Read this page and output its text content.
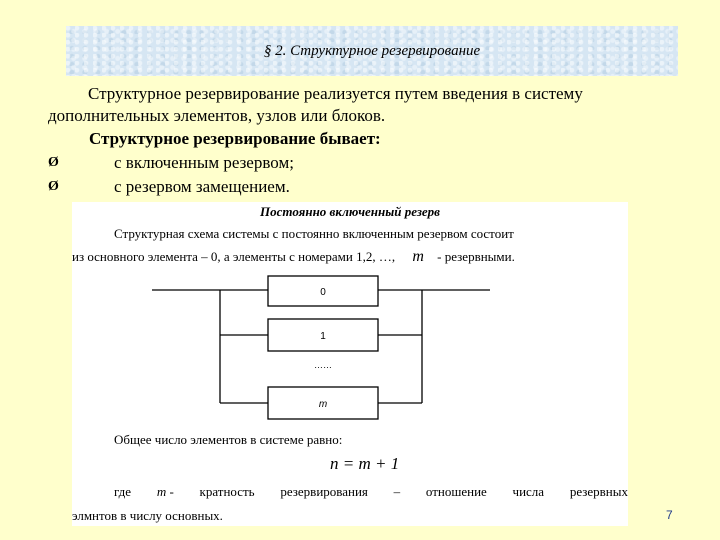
§ 2. Структурное резервирование
Структурное резервирование реализуется путем введения в систему
дополнительных элементов, узлов или блоков.
Структурное резервирование бывает:
Ø	с включенным резервом;
Ø	с резервом замещением.
Постоянно включенный резерв
Структурная схема системы с постоянно включенным резервом состоит
из основного элемента – 0, а элементы с номерами 1,2, …, m - резервными.
0
1
……
m
Общее число элементов в системе равно:
n = m + 1
где m - кратность резервирования – отношение числа резервных
элмнтов в числу основных.	7
